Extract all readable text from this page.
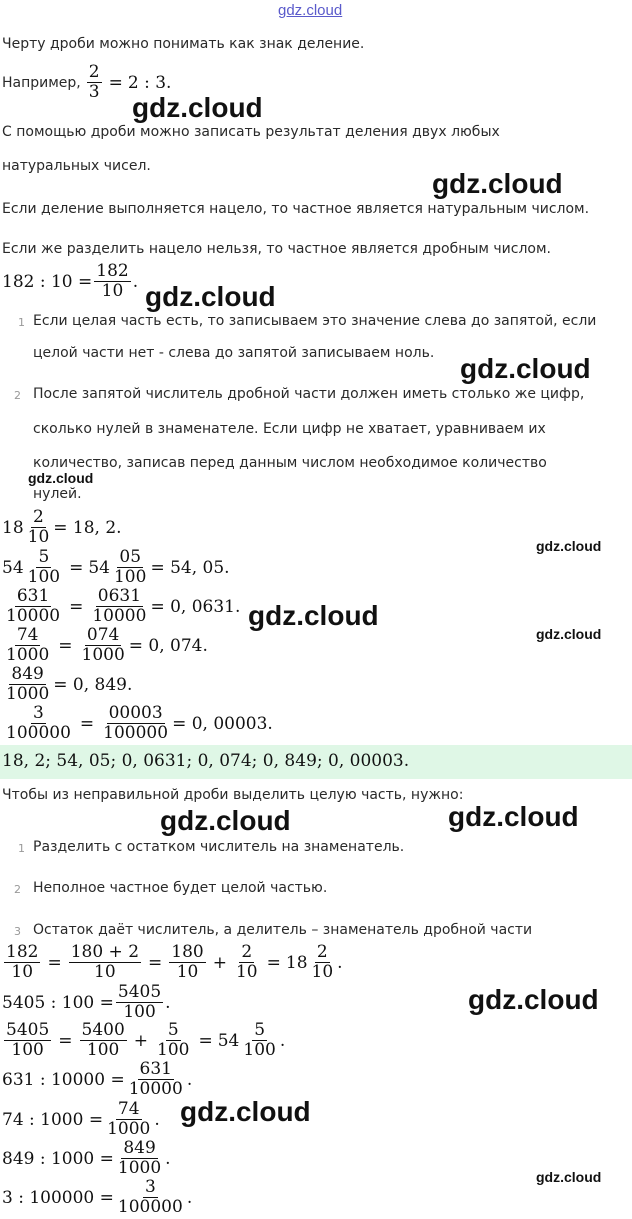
gdz.cloud
Черту дроби можно понимать как знак деление.
Например, $\frac{2}{3} = 2$ : 3.
С помощью дроби можно записать результат деления двух любых
натуральных чисел.
Если деление выполняется нацело, то частное является натуральным числом.
Если же разделить нацело нельзя, то частное является дробным числом.
182 : $10 = \frac{182}{10}$ .
1 Если целая часть есть, то записываем это значение слева до запятой, если
целой части нет - слева до запятой записываем ноль.
2 После запятой числитель дробной части должен иметь столько же цифр,
сколько нулей в знаменателе. Если цифр не хватает, уравниваем их
количество, записав перед данным числом необходимое количество
нулей.
$18 \frac{2}{10} = 18$, 2.
$54 \frac{5}{100} = 54 \frac{05}{100} = 54$, 05.
$\frac{631}{10000} = \frac{0631}{10000} = 0$, 0631.
$\frac{74}{1000} = \frac{074}{1000} = 0$, 074.
$\frac{849}{1000} = 0$, 849.
$\frac{3}{100000} = \frac{00003}{100000} = 0$, 00003.
18, 2; 54, 05; 0, 0631; 0, 074; 0, 849; 0, 00003.
Чтобы из неправильной дроби выделить целую часть, нужно:
1 Разделить с остатком числитель на знаменатель.
2 Неполное частное будет целой частью.
3 Остаток даёт числитель, а делитель – знаменатель дробной части
$\frac{182}{10} = \frac{180 + 2}{10} = \frac{180}{10} + \frac{2}{10} = 18 \frac{2}{10}$ .
5405 : $100 = \frac{5405}{100}$ .
$\frac{5405}{100} = \frac{5400}{100} + \frac{5}{100} = 54 \frac{5}{100}$ .
631 : $10000 = \frac{631}{10000}$ .
74 : $1000 = \frac{74}{1000}$ .
849 : $1000 = \frac{849}{1000}$ .
3 : $100000 = \frac{3}{100000}$ .
gdz.cloud
gdz.cloud
gdz.cloud
gdz.cloud
gdz.cloud
gdz.cloud
gdz.cloud
gdz.cloud
gdz.cloud	gdz.cloud
gdz.cloud
gdz.cloud
gdz.cloud
